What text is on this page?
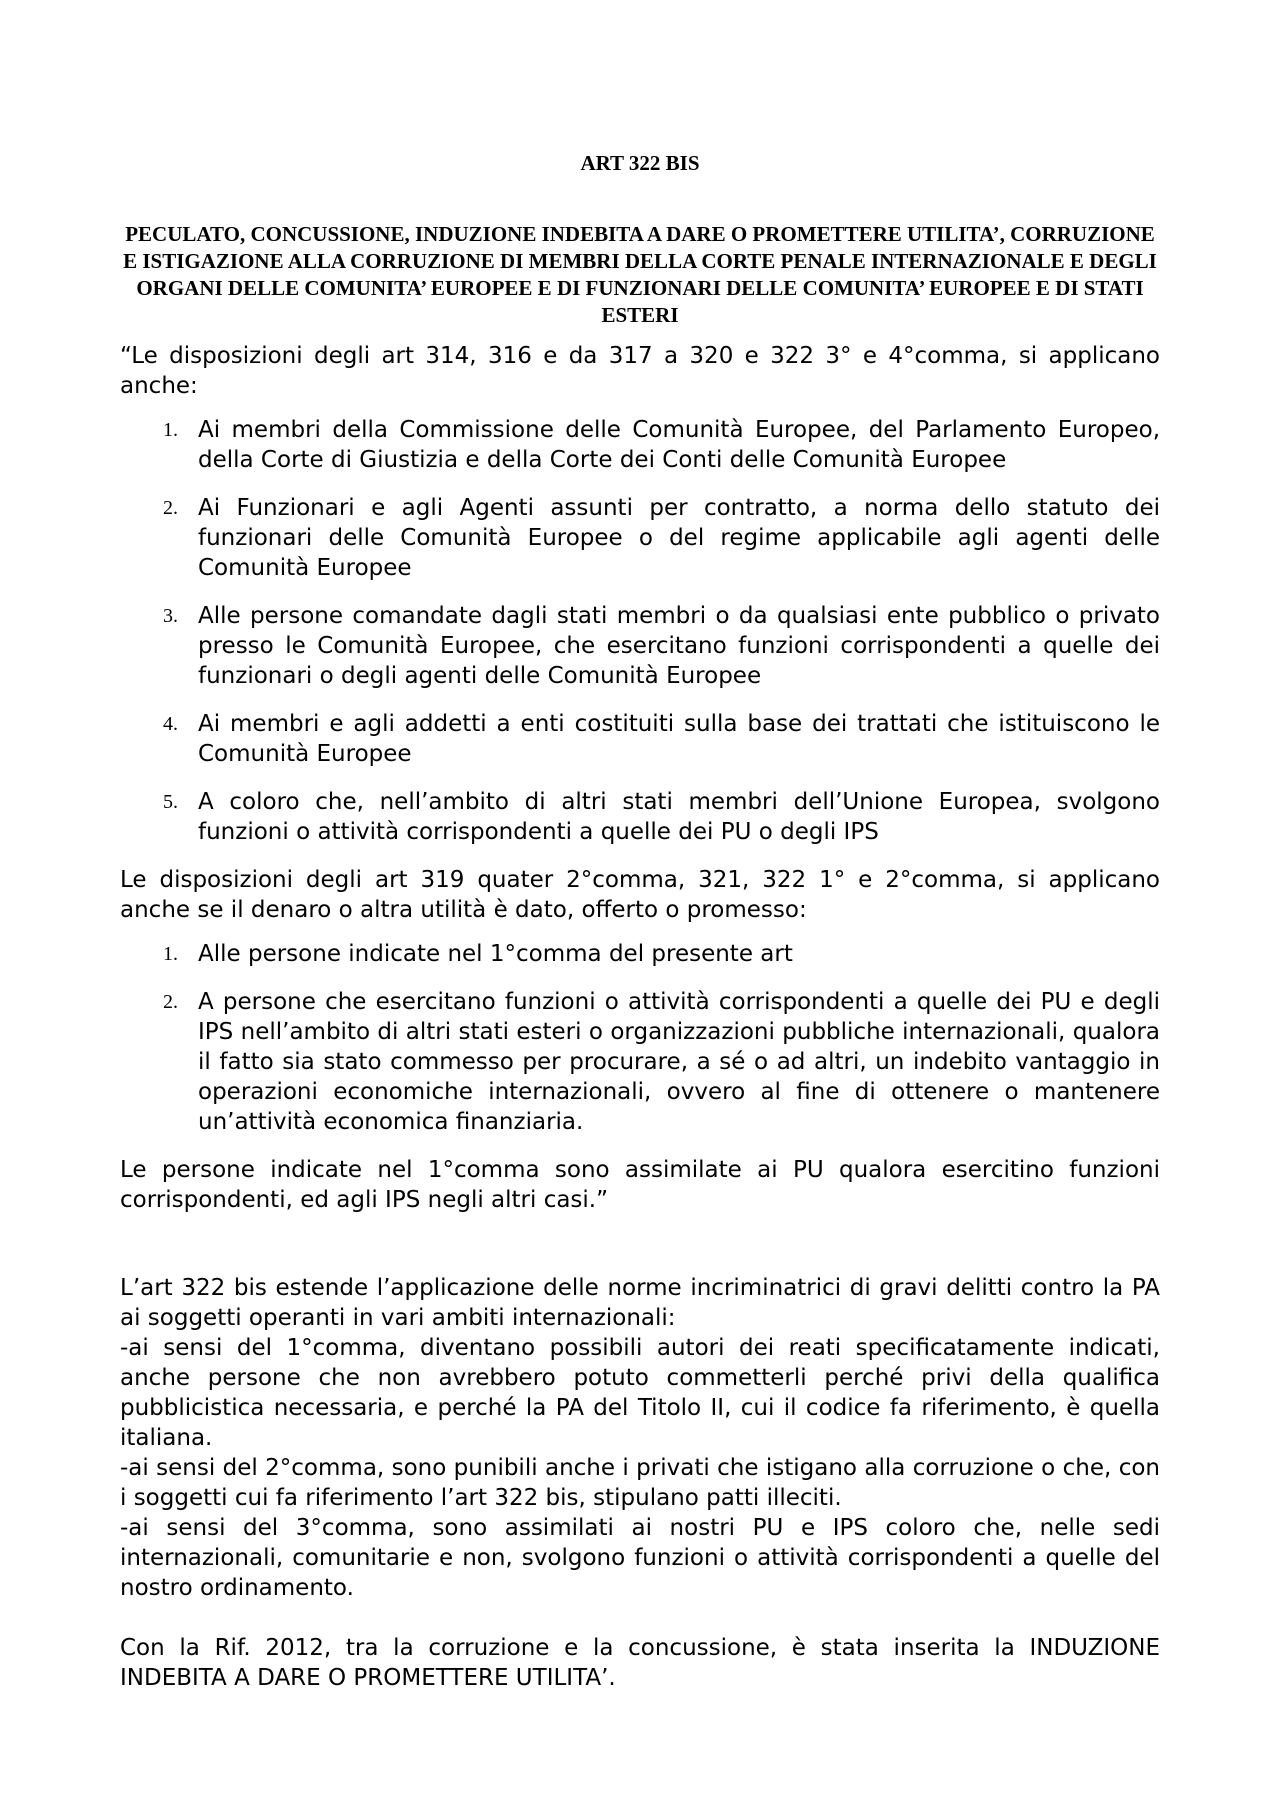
ART 322 BIS

PECULATO, CONCUSSIONE, INDUZIONE INDEBITA A DARE O PROMETTERE UTILITA’, CORRUZIONE E ISTIGAZIONE ALLA CORRUZIONE DI MEMBRI DELLA CORTE PENALE INTERNAZIONALE E DEGLI ORGANI DELLE COMUNITA’ EUROPEE E DI FUNZIONARI DELLE COMUNITA’ EUROPEE E DI STATI ESTERI

“Le disposizioni degli art 314, 316 e da 317 a 320 e 322 3° e 4°comma, si applicano anche:

1. Ai membri della Commissione delle Comunità Europee, del Parlamento Europeo, della Corte di Giustizia e della Corte dei Conti delle Comunità Europee
2. Ai Funzionari e agli Agenti assunti per contratto, a norma dello statuto dei funzionari delle Comunità Europee o del regime applicabile agli agenti delle Comunità Europee
3. Alle persone comandate dagli stati membri o da qualsiasi ente pubblico o privato presso le Comunità Europee, che esercitano funzioni corrispondenti a quelle dei funzionari o degli agenti delle Comunità Europee
4. Ai membri e agli addetti a enti costituiti sulla base dei trattati che istituiscono le Comunità Europee
5. A coloro che, nell’ambito di altri stati membri dell’Unione Europea, svolgono funzioni o attività corrispondenti a quelle dei PU o degli IPS

Le disposizioni degli art 319 quater 2°comma, 321, 322 1° e 2°comma, si applicano anche se il denaro o altra utilità è dato, offerto o promesso:

1. Alle persone indicate nel 1°comma del presente art
2. A persone che esercitano funzioni o attività corrispondenti a quelle dei PU e degli IPS nell’ambito di altri stati esteri o organizzazioni pubbliche internazionali, qualora il fatto sia stato commesso per procurare, a sé o ad altri, un indebito vantaggio in operazioni economiche internazionali, ovvero al fine di ottenere o mantenere un’attività economica finanziaria.

Le persone indicate nel 1°comma sono assimilate ai PU qualora esercitino funzioni corrispondenti, ed agli IPS negli altri casi.”

L’art 322 bis estende l’applicazione delle norme incriminatrici di gravi delitti contro la PA ai soggetti operanti in vari ambiti internazionali:

-ai sensi del 1°comma, diventano possibili autori dei reati specificatamente indicati, anche persone che non avrebbero potuto commetterli perché privi della qualifica pubblicistica necessaria, e perché la PA del Titolo II, cui il codice fa riferimento, è quella italiana.

-ai sensi del 2°comma, sono punibili anche i privati che istigano alla corruzione o che, con i soggetti cui fa riferimento l’art 322 bis, stipulano patti illeciti.

-ai sensi del 3°comma, sono assimilati ai nostri PU e IPS coloro che, nelle sedi internazionali, comunitarie e non, svolgono funzioni o attività corrispondenti a quelle del nostro ordinamento.

Con la Rif. 2012, tra la corruzione e la concussione, è stata inserita la INDUZIONE INDEBITA A DARE O PROMETTERE UTILITA’.
